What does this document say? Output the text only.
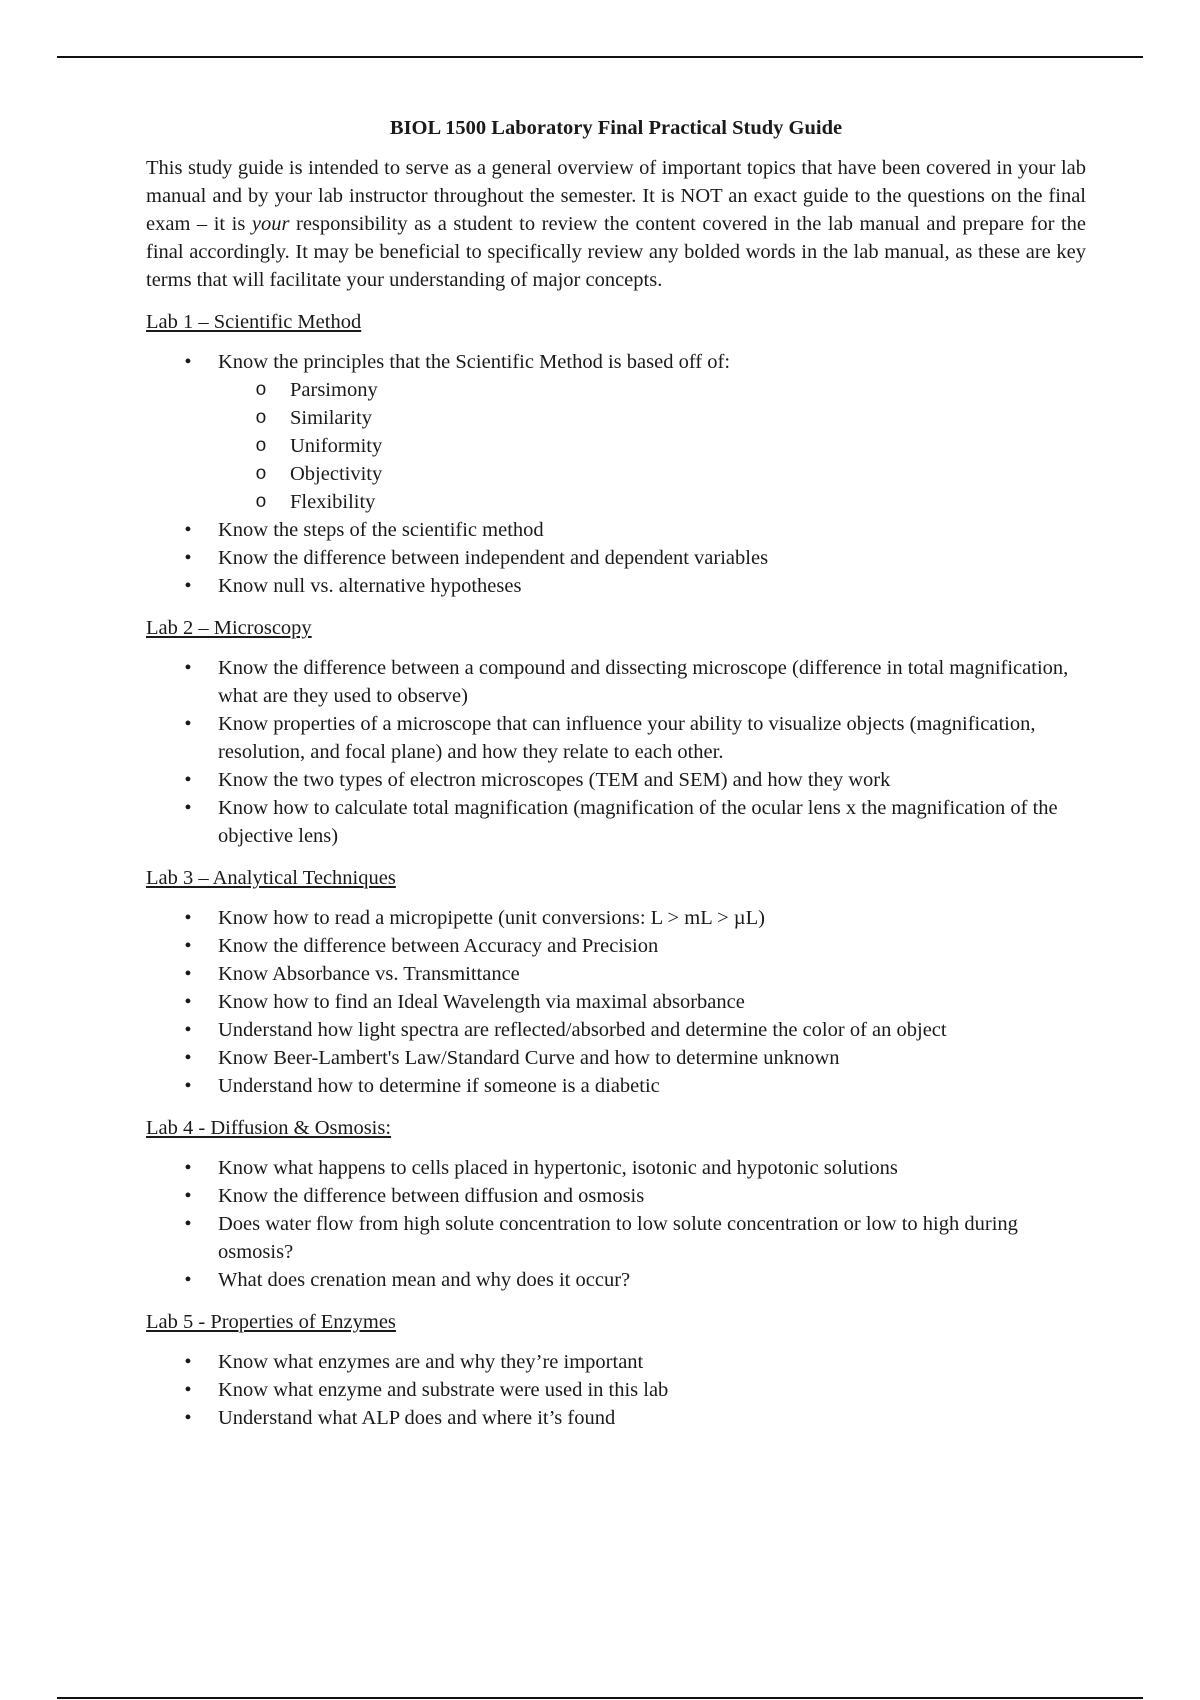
BIOL 1500 Laboratory Final Practical Study Guide

This study guide is intended to serve as a general overview of important topics that have been covered in your lab manual and by your lab instructor throughout the semester. It is NOT an exact guide to the questions on the final exam – it is your responsibility as a student to review the content covered in the lab manual and prepare for the final accordingly. It may be beneficial to specifically review any bolded words in the lab manual, as these are key terms that will facilitate your understanding of major concepts.

Lab 1 – Scientific Method
• Know the principles that the Scientific Method is based off of:
o Parsimony
o Similarity
o Uniformity
o Objectivity
o Flexibility
• Know the steps of the scientific method
• Know the difference between independent and dependent variables
• Know null vs. alternative hypotheses
Lab 2 – Microscopy
• Know the difference between a compound and dissecting microscope (difference in total magnification, what are they used to observe)
• Know properties of a microscope that can influence your ability to visualize objects (magnification, resolution, and focal plane) and how they relate to each other.
• Know the two types of electron microscopes (TEM and SEM) and how they work
• Know how to calculate total magnification (magnification of the ocular lens x the magnification of the objective lens)
Lab 3 – Analytical Techniques
• Know how to read a micropipette (unit conversions: L > mL > µL)
• Know the difference between Accuracy and Precision
• Know Absorbance vs. Transmittance
• Know how to find an Ideal Wavelength via maximal absorbance
• Understand how light spectra are reflected/absorbed and determine the color of an object
• Know Beer-Lambert's Law/Standard Curve and how to determine unknown
• Understand how to determine if someone is a diabetic
Lab 4 - Diffusion & Osmosis:
• Know what happens to cells placed in hypertonic, isotonic and hypotonic solutions
• Know the difference between diffusion and osmosis
• Does water flow from high solute concentration to low solute concentration or low to high during osmosis?
• What does crenation mean and why does it occur?
Lab 5 - Properties of Enzymes
• Know what enzymes are and why they’re important
• Know what enzyme and substrate were used in this lab
• Understand what ALP does and where it’s found
